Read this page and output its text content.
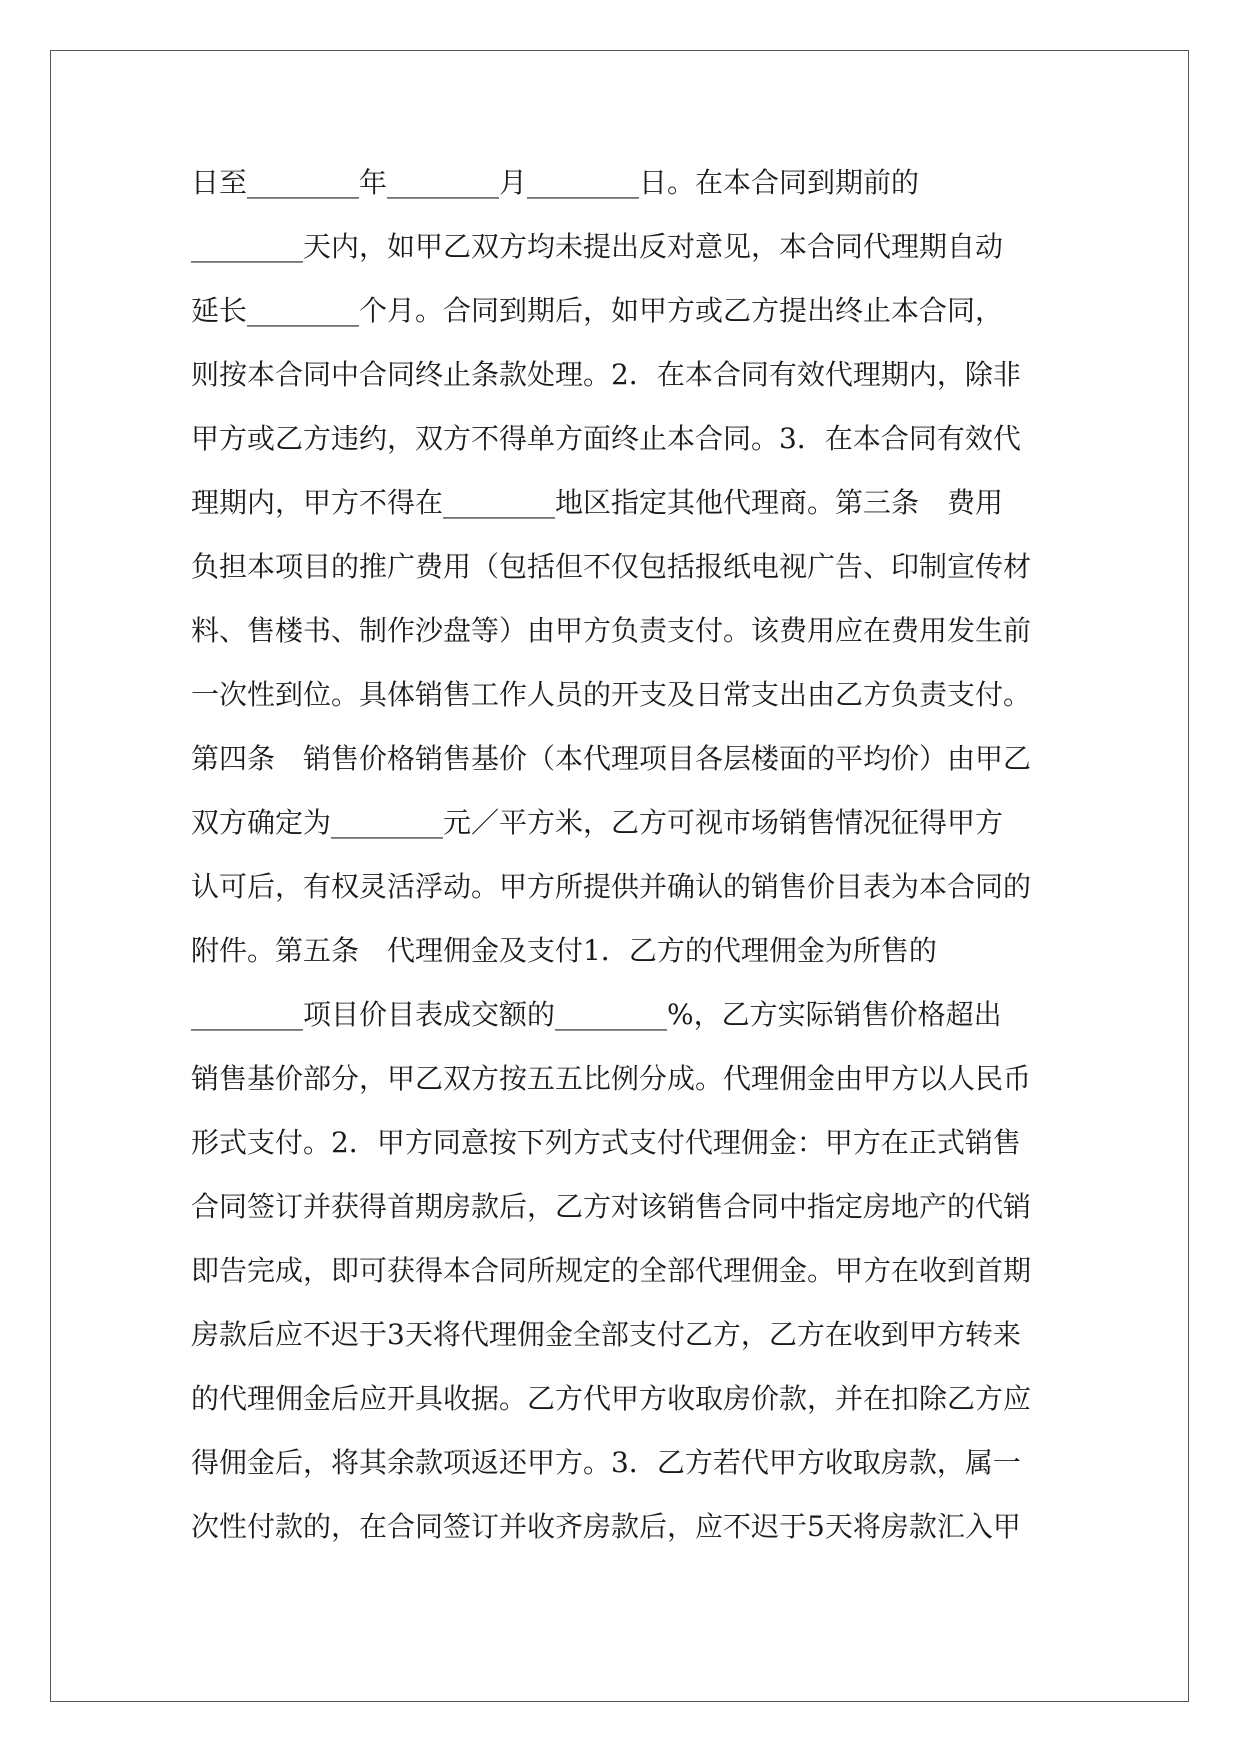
日至________年________月________日。在本合同到期前的
________天内，如甲乙双方均未提出反对意见，本合同代理期自动
延长________个月。合同到期后，如甲方或乙方提出终止本合同，
则按本合同中合同终止条款处理。2．在本合同有效代理期内，除非
甲方或乙方违约，双方不得单方面终止本合同。3．在本合同有效代
理期内，甲方不得在________地区指定其他代理商。第三条　费用
负担本项目的推广费用（包括但不仅包括报纸电视广告、印制宣传材
料、售楼书、制作沙盘等）由甲方负责支付。该费用应在费用发生前
一次性到位。具体销售工作人员的开支及日常支出由乙方负责支付。
第四条　销售价格销售基价（本代理项目各层楼面的平均价）由甲乙
双方确定为________元／平方米，乙方可视市场销售情况征得甲方
认可后，有权灵活浮动。甲方所提供并确认的销售价目表为本合同的
附件。第五条　代理佣金及支付1．乙方的代理佣金为所售的
________项目价目表成交额的________%，乙方实际销售价格超出
销售基价部分，甲乙双方按五五比例分成。代理佣金由甲方以人民币
形式支付。2．甲方同意按下列方式支付代理佣金：甲方在正式销售
合同签订并获得首期房款后，乙方对该销售合同中指定房地产的代销
即告完成，即可获得本合同所规定的全部代理佣金。甲方在收到首期
房款后应不迟于3天将代理佣金全部支付乙方，乙方在收到甲方转来
的代理佣金后应开具收据。乙方代甲方收取房价款，并在扣除乙方应
得佣金后，将其余款项返还甲方。3．乙方若代甲方收取房款，属一
次性付款的，在合同签订并收齐房款后，应不迟于5天将房款汇入甲
